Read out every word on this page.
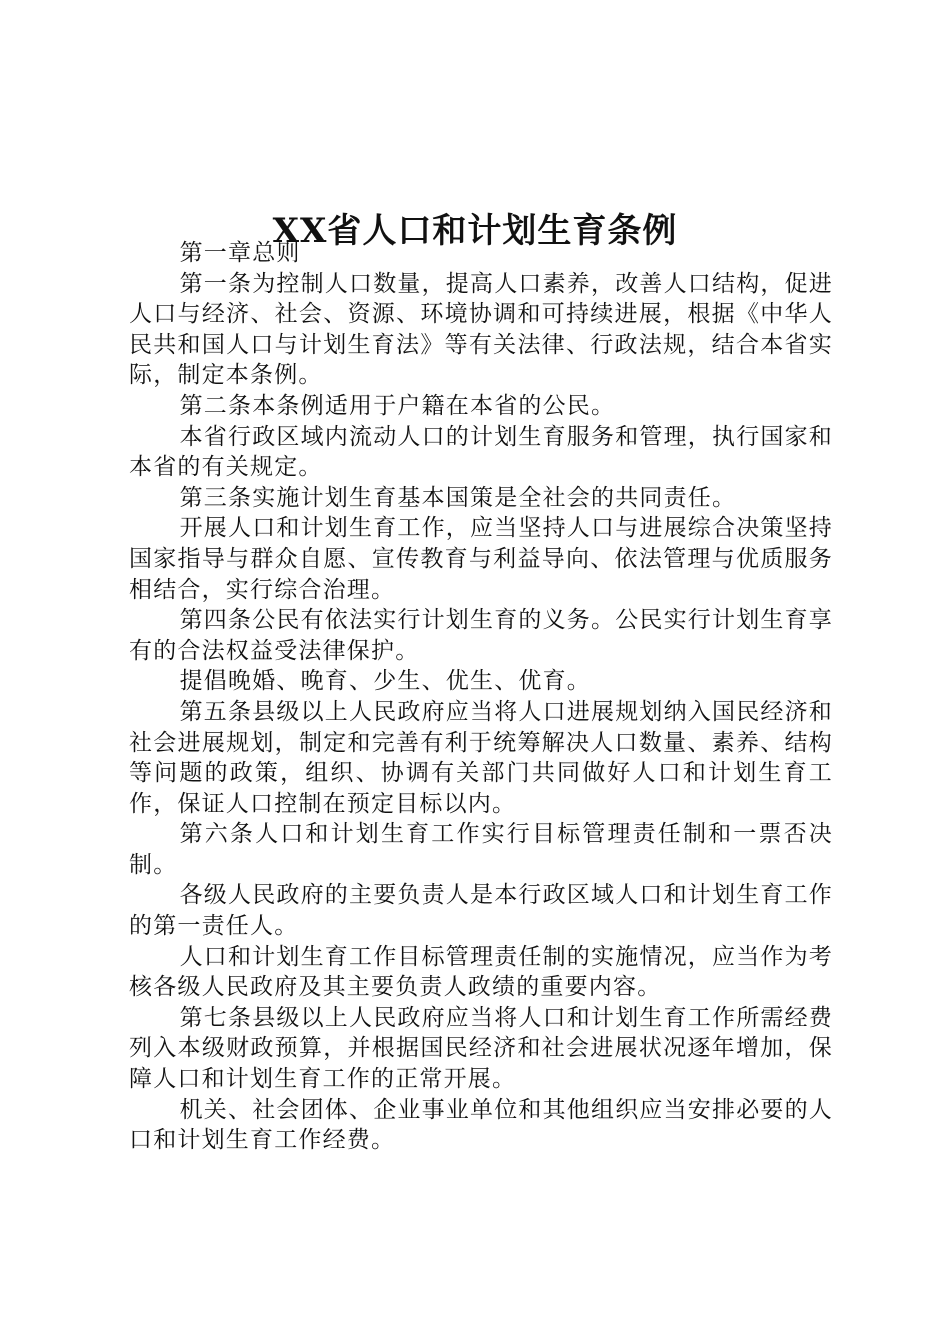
XX省人口和计划生育条例

第一章总则

第一条为控制人口数量，提高人口素养，改善人口结构，促进人口与经济、社会、资源、环境协调和可持续进展，根据《中华人民共和国人口与计划生育法》等有关法律、行政法规，结合本省实际，制定本条例。

第二条本条例适用于户籍在本省的公民。

本省行政区域内流动人口的计划生育服务和管理，执行国家和本省的有关规定。

第三条实施计划生育基本国策是全社会的共同责任。

开展人口和计划生育工作，应当坚持人口与进展综合决策坚持国家指导与群众自愿、宣传教育与利益导向、依法管理与优质服务相结合，实行综合治理。

第四条公民有依法实行计划生育的义务。公民实行计划生育享有的合法权益受法律保护。

提倡晚婚、晚育、少生、优生、优育。

第五条县级以上人民政府应当将人口进展规划纳入国民经济和社会进展规划，制定和完善有利于统筹解决人口数量、素养、结构等问题的政策，组织、协调有关部门共同做好人口和计划生育工作，保证人口控制在预定目标以内。

第六条人口和计划生育工作实行目标管理责任制和一票否决制。

各级人民政府的主要负责人是本行政区域人口和计划生育工作的第一责任人。

人口和计划生育工作目标管理责任制的实施情况，应当作为考核各级人民政府及其主要负责人政绩的重要内容。

第七条县级以上人民政府应当将人口和计划生育工作所需经费列入本级财政预算，并根据国民经济和社会进展状况逐年增加，保障人口和计划生育工作的正常开展。

机关、社会团体、企业事业单位和其他组织应当安排必要的人口和计划生育工作经费。
